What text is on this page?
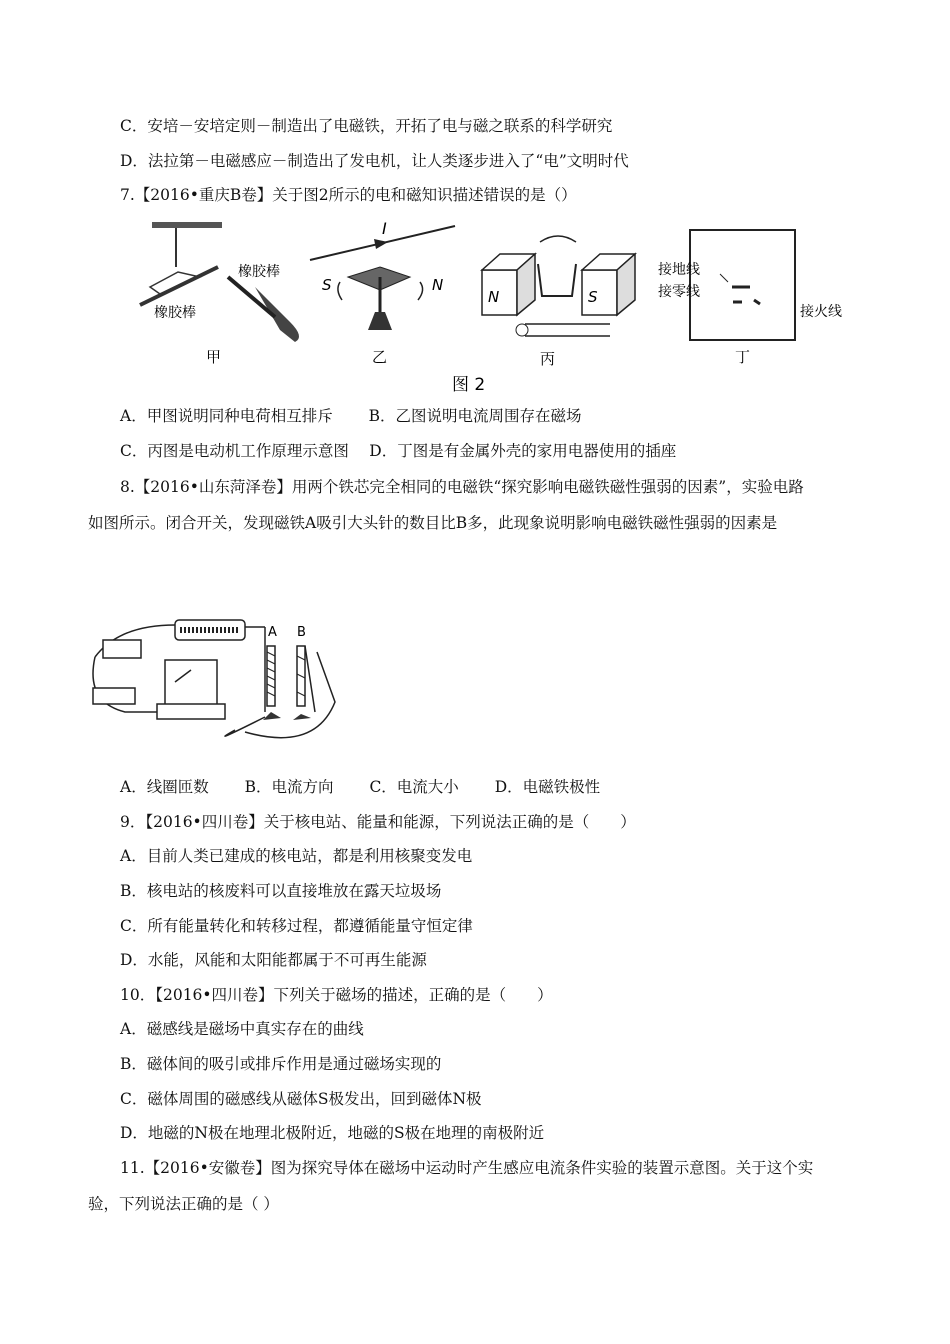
C．安培－安培定则－制造出了电磁铁，开拓了电与磁之联系的科学研究
D．法拉第－电磁感应－制造出了发电机，让人类逐步进入了“电”文明时代
7.【2016•重庆B卷】关于图2所示的电和磁知识描述错误的是（）
橡胶棒
橡胶棒
甲
I
S	N
乙
N	S
丙
接地线
接零线
接火线
丁
图 2
A．甲图说明同种电荷相互排斥　　 B．乙图说明电流周围存在磁场
C．丙图是电动机工作原理示意图　 D．丁图是有金属外壳的家用电器使用的插座
8.【2016•山东菏泽卷】用两个铁芯完全相同的电磁铁“探究影响电磁铁磁性强弱的因素”，实验电路
如图所示。闭合开关，发现磁铁A吸引大头针的数目比B多，此现象说明影响电磁铁磁性强弱的因素是
A B
A．线圈匝数　　 B．电流方向　　 C．电流大小　　 D．电磁铁极性
9．【2016•四川卷】关于核电站、能量和能源，下列说法正确的是（　　）
A．目前人类已建成的核电站，都是利用核聚变发电
B．核电站的核废料可以直接堆放在露天垃圾场
C．所有能量转化和转移过程，都遵循能量守恒定律
D．水能，风能和太阳能都属于不可再生能源
10．【2016•四川卷】下列关于磁场的描述，正确的是（　　）
A．磁感线是磁场中真实存在的曲线
B．磁体间的吸引或排斥作用是通过磁场实现的
C．磁体周围的磁感线从磁体S极发出，回到磁体N极
D．地磁的N极在地理北极附近，地磁的S极在地理的南极附近
11.【2016•安徽卷】图为探究导体在磁场中运动时产生感应电流条件实验的装置示意图。关于这个实
验，下列说法正确的是（ ）
